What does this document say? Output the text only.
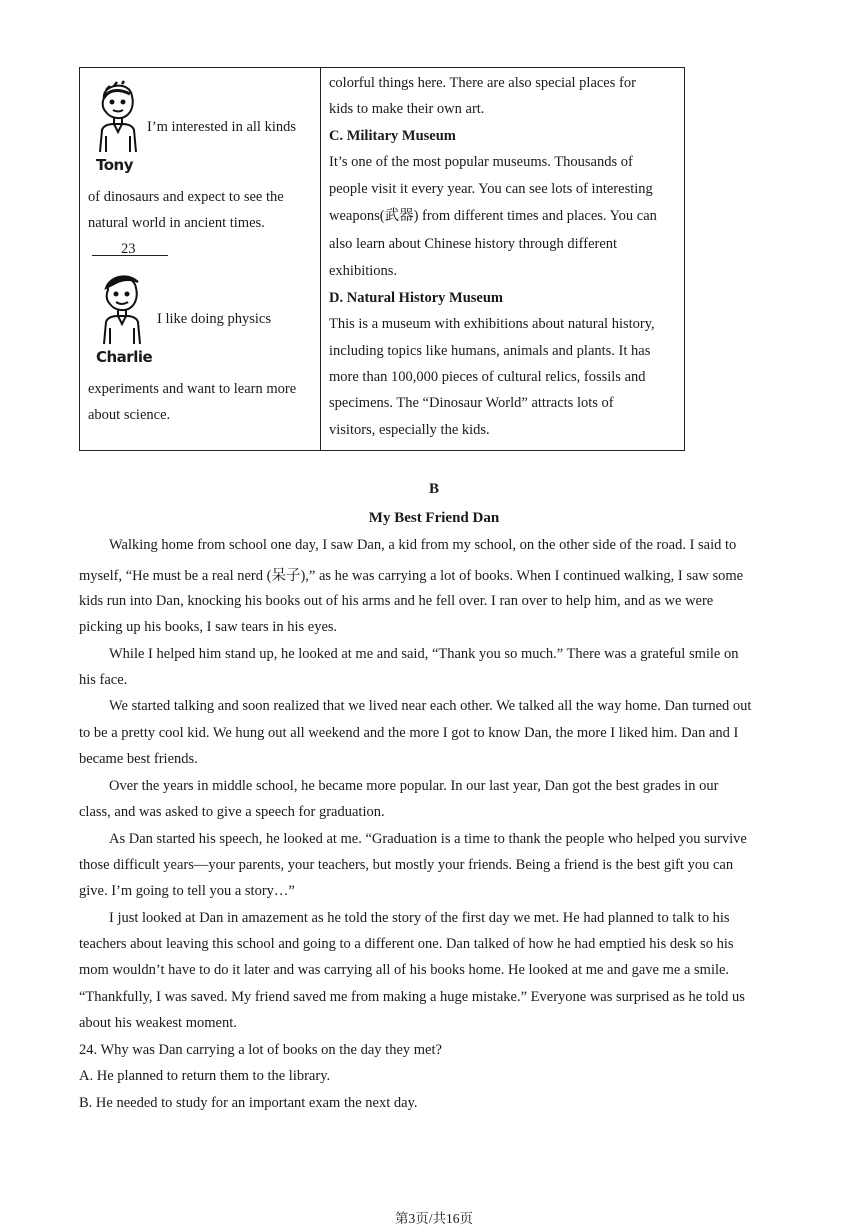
Tony
I’m interested in all kinds
of dinosaurs and expect to see the
natural world in ancient times.
23
Charlie
I like doing physics
experiments and want to learn more
about science.
colorful things here. There are also special places for
kids to make their own art.
C. Military Museum
It’s one of the most popular museums. Thousands of
people visit it every year. You can see lots of interesting
weapons(武器) from different times and places. You can
also learn about Chinese history through different
exhibitions.
D. Natural History Museum
This is a museum with exhibitions about natural history,
including topics like humans, animals and plants. It has
more than 100,000 pieces of cultural relics, fossils and
specimens. The “Dinosaur World” attracts lots of
visitors, especially the kids.
B
My Best Friend Dan
Walking home from school one day, I saw Dan, a kid from my school, on the other side of the road. I said to
myself, “He must be a real nerd (呆子),” as he was carrying a lot of books. When I continued walking, I saw some
kids run into Dan, knocking his books out of his arms and he fell over. I ran over to help him, and as we were
picking up his books, I saw tears in his eyes.
While I helped him stand up, he looked at me and said, “Thank you so much.” There was a grateful smile on
his face.
We started talking and soon realized that we lived near each other. We talked all the way home. Dan turned out
to be a pretty cool kid. We hung out all weekend and the more I got to know Dan, the more I liked him. Dan and I
became best friends.
Over the years in middle school, he became more popular. In our last year, Dan got the best grades in our
class, and was asked to give a speech for graduation.
As Dan started his speech, he looked at me. “Graduation is a time to thank the people who helped you survive
those difficult years—your parents, your teachers, but mostly your friends. Being a friend is the best gift you can
give. I’m going to tell you a story…”
I just looked at Dan in amazement as he told the story of the first day we met. He had planned to talk to his
teachers about leaving this school and going to a different one. Dan talked of how he had emptied his desk so his
mom wouldn’t have to do it later and was carrying all of his books home. He looked at me and gave me a smile.
“Thankfully, I was saved. My friend saved me from making a huge mistake.” Everyone was surprised as he told us
about his weakest moment.
24. Why was Dan carrying a lot of books on the day they met?
A. He planned to return them to the library.
B. He needed to study for an important exam the next day.
第3页/共16页
